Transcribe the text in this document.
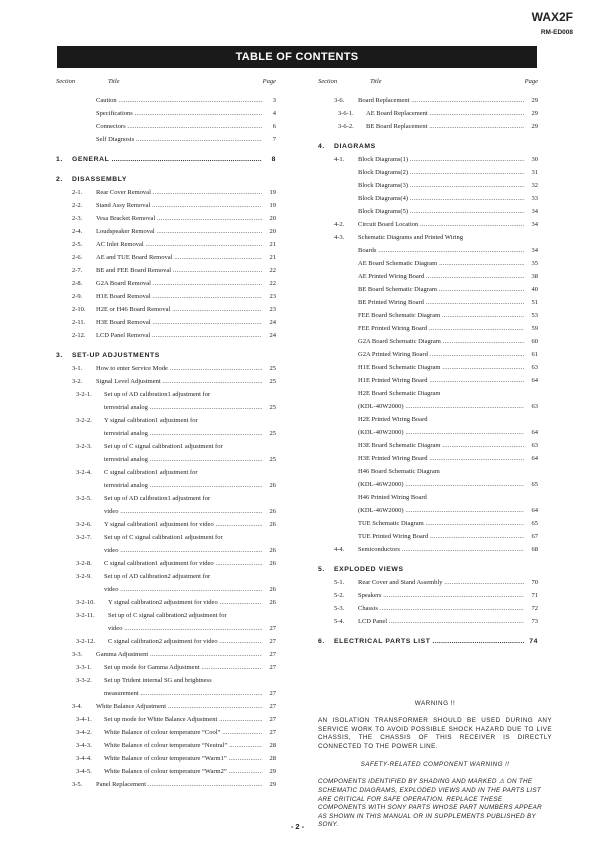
WAX2F
RM-ED008
TABLE OF CONTENTS
Section	Title	Page
Caution .....	3
Specifications .....	4
Connectors .....	6
Self Diagnosis .....	7
1. GENERAL .....	8
2. DISASSEMBLY
2-1. Rear Cover Removal .....	19
2-2. Stand Assy Removal .....	19
2-3. Vesa Bracket Removal .....	20
2-4. Loudspeaker Removal .....	20
2-5. AC Inlet Removal .....	21
2-6. AE and TUE Board Removal .....	21
2-7. BE and FEE Board Removal .....	22
2-8. G2A Board Removal .....	22
2-9. H1E Board Removal .....	23
2-10. H2E or H46 Board Removal .....	23
2-11. H3E Board Removal .....	24
2-12. LCD Panel Removal .....	24
3. SET-UP ADJUSTMENTS
3-1. How to enter Service Mode .....	25
3-2. Signal Level Adjustment .....	25
3-2-1. Set up of AD calibration1 adjustment for
terrestrial analog .....	25
3-2-2. Y signal calibration1 adjustment for
terrestrial analog .....	25
3-2-3. Set up of C signal calibration1 adjustment for
terrestrial analog .....	25
3-2-4. C signal calibration1 adjustment for
terrestrial analog .....	26
3-2-5. Set up of AD calibration1 adjustment for
video .....	26
3-2-6. Y signal calibration1 adjustment for video .....	26
3-2-7. Set up of C signal calibration1 adjustment for
video .....	26
3-2-8. C signal calibration1 adjustment for video .....	26
3-2-9. Set up of AD calibration2 adjustment for
video .....	26
3-2-10. Y signal calibration2 adjustment for video .....	26
3-2-11. Set up of C signal calibration2 adjustment for
video .....	27
3-2-12. C signal calibration2 adjustment for video .....	27
3-3. Gamma Adjustment .....	27
3-3-1. Set up mode for Gamma Adjustment .....	27
3-3-2. Set up Trident internal SG and brightness
measurement .....	27
3-4. White Balance Adjustment .....	27
3-4-1. Set up mode for White Balance Adjustment .....	27
3-4-2. White Balance of colour temperature “Cool” .....	27
3-4-3. White Balance of colour temperature “Neutral” .....	28
3-4-4. White Balance of colour temperature “Warm1” .....	28
3-4-5. White Balance of colour temperature “Warm2” .....	29
3-5. Panel Replacement .....	29
Section	Title	Page
3-6. Board Replacement .....	29
3-6-1. AE Board Replacement .....	29
3-6-2. BE Board Replacement .....	29
4. DIAGRAMS
4-1. Block Diagrams(1) .....	30
Block Diagrams(2) .....	31
Block Diagrams(3) .....	32
Block Diagrams(4) .....	33
Block Diagrams(5) .....	34
4-2. Circuit Board Location .....	34
4-3. Schematic Diagrams and Printed Wiring
Boards .....	34
AE Board Schematic Diagram .....	35
AE Printed Wiring Board .....	38
BE Board Schematic Diagram .....	40
BE Printed Wiring Board .....	51
FEE Board Schematic Diagram .....	53
FEE Printed Wiring Board .....	59
G2A Board Schematic Diagram .....	60
G2A Printed Wiring Board .....	61
H1E Board Schematic Diagram .....	63
H1E Printed Wiring Board .....	64
H2E Board Schematic Diagram
(KDL-40W2000) .....	63
H2E Printed Wiring Board
(KDL-40W2000) .....	64
H3E Board Schematic Diagram .....	63
H3E Printed Wiring Board .....	64
H46 Board Schematic Diagram
(KDL-46W2000) .....	65
H46 Printed Wiring Board
(KDL-46W2000) .....	64
TUE Schematic Diagram .....	65
TUE Printed Wiring Board .....	67
4-4. Semiconductors .....	68
5. EXPLODED VIEWS
5-1. Rear Cover and Stand Assembly .....	70
5-2. Speakers .....	71
5-3. Chassis .....	72
5-4. LCD Panel .....	73
6. ELECTRICAL PARTS LIST .....	74
WARNING !!
AN ISOLATION TRANSFORMER SHOULD BE USED DURING ANY SERVICE WORK TO AVOID POSSIBLE SHOCK HAZARD DUE TO LIVE CHASSIS, THE CHASSIS OF THIS RECEIVER IS DIRECTLY CONNECTED TO THE POWER LINE.
SAFETY-RELATED COMPONENT WARNING !!
COMPONENTS IDENTIFIED BY SHADING AND MARKED ⚠ ON THE SCHEMATIC DIAGRAMS, EXPLODED VIEWS AND IN THE PARTS LIST ARE CRITICAL FOR SAFE OPERATION. REPLACE THESE COMPONENTS WITH SONY PARTS WHOSE PART NUMBERS APPEAR AS SHOWN IN THIS MANUAL OR IN SUPPLEMENTS PUBLISHED BY SONY.
- 2 -
